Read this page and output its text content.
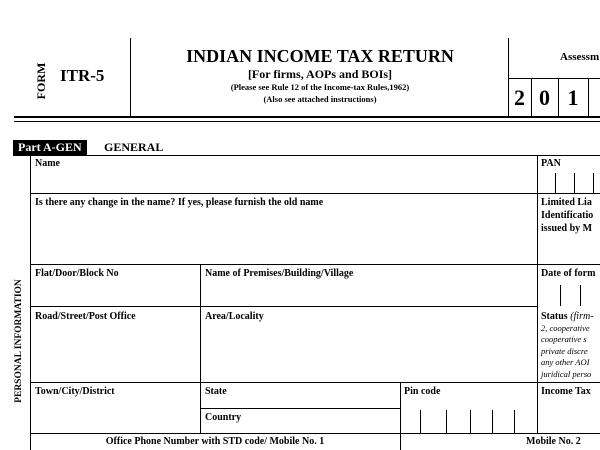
FORM ITR-5
INDIAN INCOME TAX RETURN
[For firms, AOPs and BOIs]
(Please see Rule 12 of the Income-tax Rules,1962)
(Also see attached instructions)
Assessm
2 0 1
Part A-GEN	GENERAL
PERSONAL INFORMATION
Name	PAN
Is there any change in the name? If yes, please furnish the old name	Limited Lia
Identificatio
issued by M
Flat/Door/Block No	Name of Premises/Building/Village	Date of form
Road/Street/Post Office	Area/Locality	Status (firm-
2, cooperative
cooperative s
private discre
any other AOI
juridical perso
Town/City/District	State	Pin code	Income Tax
Country
Office Phone Number with STD code/ Mobile No. 1	Mobile No. 2
